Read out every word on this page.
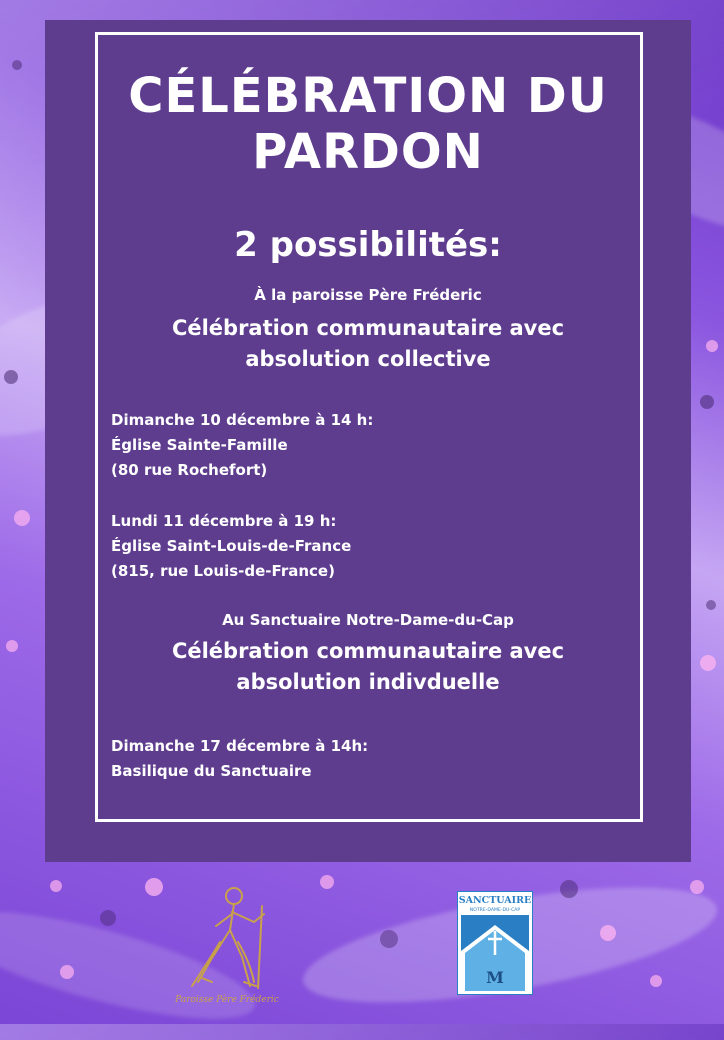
CÉLÉBRATION DU
PARDON
2 possibilités:
À la paroisse Père Fréderic
Célébration communautaire avec
absolution collective
Dimanche 10 décembre à 14 h:
Église Sainte-Famille
(80 rue Rochefort)
Lundi 11 décembre à 19 h:
Église Saint-Louis-de-France
(815, rue Louis-de-France)
Au Sanctuaire Notre-Dame-du-Cap
Célébration communautaire avec
absolution indivduelle
Dimanche 17 décembre à 14h:
Basilique du Sanctuaire
Paroisse Père Fréderic
SANCTUAIRE
NOTRE-DAME-DU-CAP
M
